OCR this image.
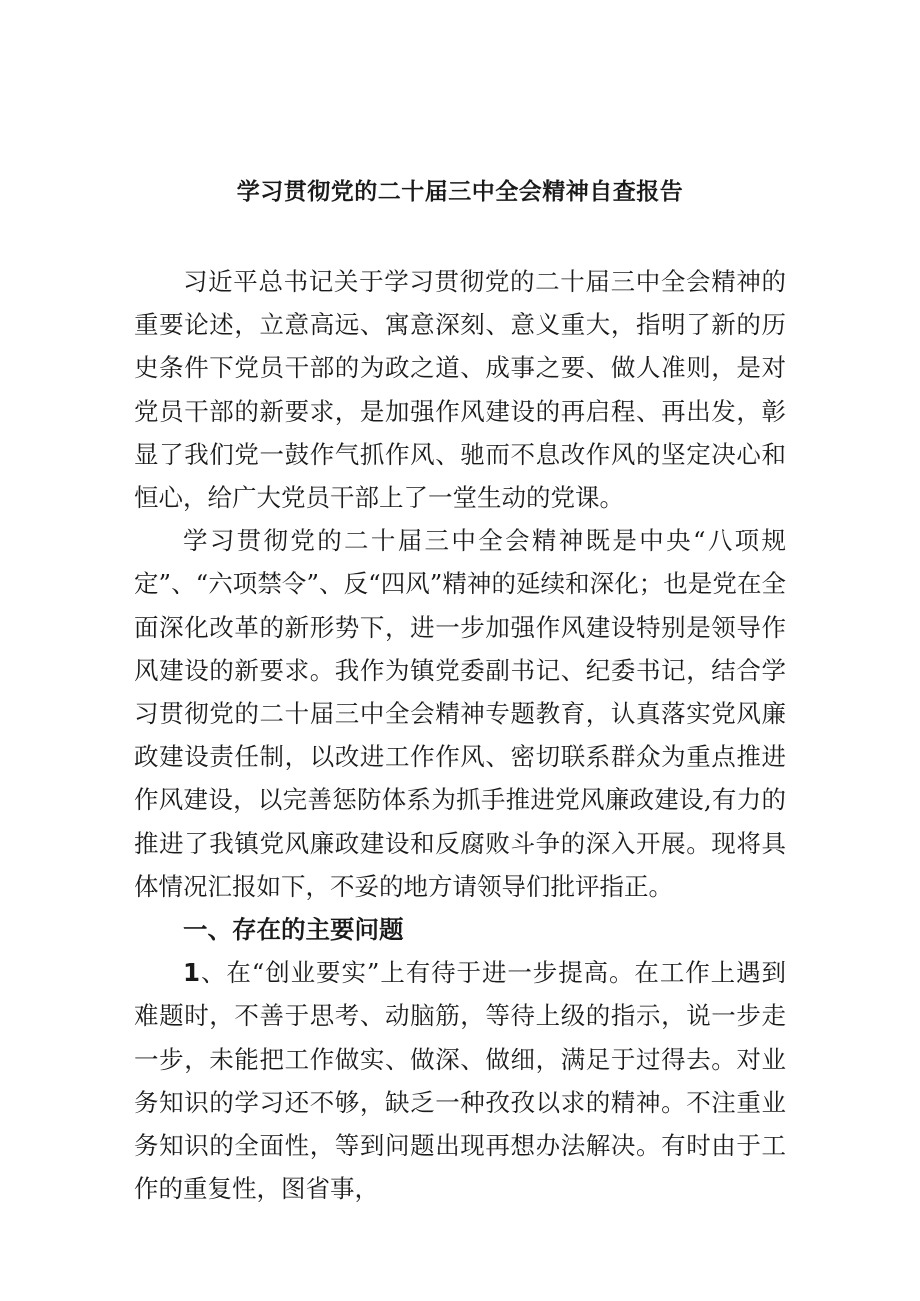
学习贯彻党的二十届三中全会精神自查报告

习近平总书记关于学习贯彻党的二十届三中全会精神的重要论述，立意高远、寓意深刻、意义重大，指明了新的历史条件下党员干部的为政之道、成事之要、做人准则，是对党员干部的新要求，是加强作风建设的再启程、再出发，彰显了我们党一鼓作气抓作风、驰而不息改作风的坚定决心和恒心，给广大党员干部上了一堂生动的党课。

学习贯彻党的二十届三中全会精神既是中央“八项规定”、“六项禁令”、反“四风”精神的延续和深化；也是党在全面深化改革的新形势下，进一步加强作风建设特别是领导作风建设的新要求。我作为镇党委副书记、纪委书记，结合学习贯彻党的二十届三中全会精神专题教育，认真落实党风廉政建设责任制，以改进工作作风、密切联系群众为重点推进作风建设，以完善惩防体系为抓手推进党风廉政建设,有力的推进了我镇党风廉政建设和反腐败斗争的深入开展。现将具体情况汇报如下，不妥的地方请领导们批评指正。

一、存在的主要问题

1、在“创业要实”上有待于进一步提高。在工作上遇到难题时，不善于思考、动脑筋，等待上级的指示，说一步走一步，未能把工作做实、做深、做细，满足于过得去。对业务知识的学习还不够，缺乏一种孜孜以求的精神。不注重业务知识的全面性，等到问题出现再想办法解决。有时由于工作的重复性，图省事，
